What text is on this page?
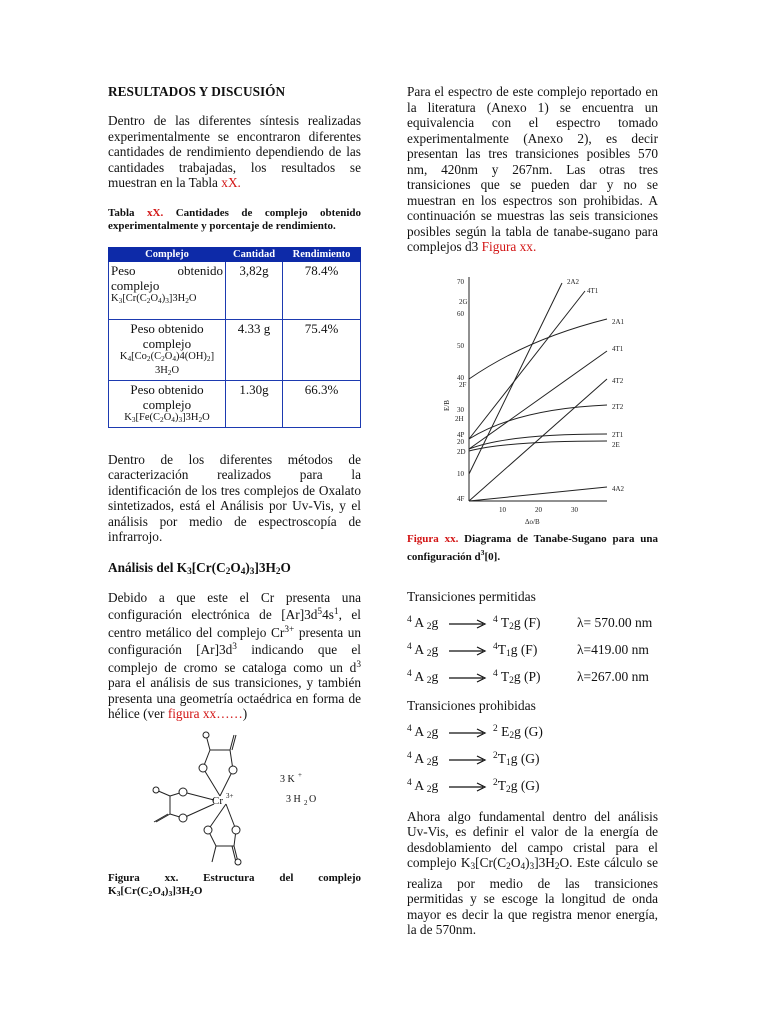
RESULTADOS Y DISCUSIÓN

Dentro de las diferentes síntesis realizadas experimentalmente se encontraron diferentes cantidades de rendimiento dependiendo de las cantidades trabajadas, los resultados se muestran en la Tabla xX.

Tabla xX. Cantidades de complejo obtenido experimentalmente y porcentaje de rendimiento.

Complejo	Cantidad	Rendimiento
Peso obtenido complejo
$K_3[Cr(C_2O_4)_3]3H_2O$	3,82g	78.4%
Peso obtenido complejo
$K_4[Co_2(C_2O_4)4(OH)_2]$ $3H_2O$	4.33 g	75.4%
Peso obtenido complejo
$K_3[Fe(C_2O_4)_3]3H_2O$	1.30g	66.3%

Dentro de los diferentes métodos de caracterización realizados para la identificación de los tres complejos de Oxalato sintetizados, está el Análisis por Uv-Vis, y el análisis por medio de espectroscopía de infrarrojo.

Análisis del $K_3[Cr(C_2O_4)_3]3H_2O$

Debido a que este el Cr presenta una configuración electrónica de $[Ar]3d^54s^1$, el centro metálico del complejo $Cr^{3+}$ presenta un configuración $[Ar]3d^3$ indicando que el complejo de cromo se cataloga como un $d^3$ para el análisis de sus transiciones, y también presenta una geometría octaédrica en forma de hélice (ver figura xx……)

Cr 3+
3 K +
3 H 2 O

Figura xx. Estructura del complejo $K_3[Cr(C_2O_4)_3]3H_2O$

Para el espectro de este complejo reportado en la literatura (Anexo 1) se encuentra un equivalencia con el espectro tomado experimentalmente (Anexo 2), es decir presentan las tres transiciones posibles 570 nm, 420nm y 267nm. Las otras tres transiciones que se pueden dar y no se muestran en los espectros son prohibidas. A continuación se muestras las seis transiciones posibles según la tabla de tanabe-sugano para complejos d3 Figura xx.

70
60
50
40
30
20
10
10	20	30
Δo/B
E/B
2G
2F
2H
4P
2D
4F
2A2
4T1
2A1
4T1
4T2
2T2
2T1
2E
4A2

Figura xx. Diagrama de Tanabe-Sugano para una configuración $d^3[0]$.

Transiciones permitidas

$^4$ A $_2$g	$^4$ $T_2g$ (F)	λ= 570.00 nm
$^4$ A $_2$g	$^4T_1g$ (F)	λ=419.00 nm
$^4$ A $_2$g	$^4$ $T_2g$ (P)	λ=267.00 nm

Transiciones prohibidas

$^4$ A $_2$g	$^2$ $E_2g$ (G)
$^4$ A $_2$g	$^2T_1g$ (G)
$^4$ A $_2$g	$^2T_2g$ (G)

Ahora algo fundamental dentro del análisis Uv-Vis, es definir el valor de la energía de desdoblamiento del campo cristal para el complejo $K_3[Cr(C_2O_4)_3]3H_2O$. Este cálculo se realiza por medio de las transiciones permitidas y se escoge la longitud de onda mayor es decir la que registra menor energía, la de 570nm.
